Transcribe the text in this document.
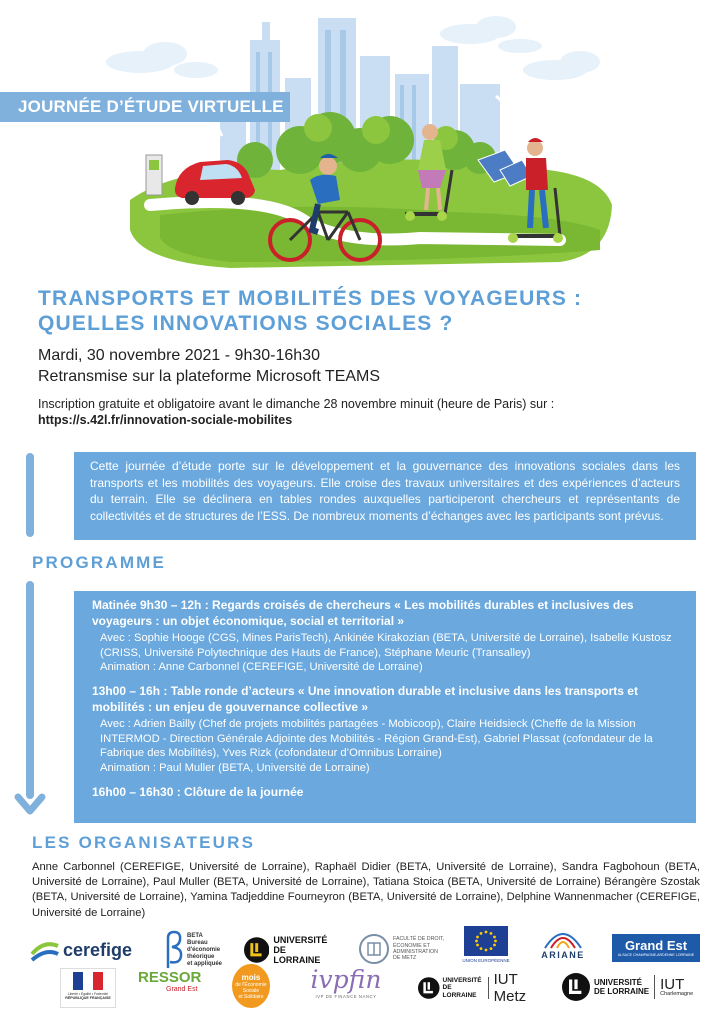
JOURNÉE D’ÉTUDE VIRTUELLE
TRANSPORTS ET MOBILITÉS DES VOYAGEURS :
QUELLES INNOVATIONS SOCIALES ?
Mardi, 30 novembre 2021 - 9h30-16h30
Retransmise sur la plateforme Microsoft TEAMS
Inscription gratuite et obligatoire avant le dimanche 28 novembre minuit (heure de Paris) sur :
https://s.42l.fr/innovation-sociale-mobilites
Cette journée d’étude porte sur le développement et la gouvernance des innovations sociales dans les transports et les mobilités des voyageurs. Elle croise des travaux universitaires et des expériences d’acteurs du terrain. Elle se déclinera en tables rondes auxquelles participeront chercheurs et représentants de collectivités et de structures de l’ESS. De nombreux moments d’échanges avec les participants sont prévus.
PROGRAMME
Matinée 9h30 – 12h : Regards croisés de chercheurs « Les mobilités durables et inclusives des voyageurs : un objet économique, social et territorial »
Avec : Sophie Hooge (CGS, Mines ParisTech), Ankinée Kirakozian (BETA, Université de Lorraine), Isabelle Kustosz (CRISS, Université Polytechnique des Hauts de France), Stéphane Meuric (Transalley)
Animation : Anne Carbonnel (CEREFIGE, Université de Lorraine)
13h00 – 16h : Table ronde d’acteurs « Une innovation durable et inclusive dans les transports et mobilités : un enjeu de gouvernance collective »
Avec : Adrien Bailly (Chef de projets mobilités partagées - Mobicoop), Claire Heidsieck (Cheffe de la Mission INTERMOD - Direction Générale Adjointe des Mobilités - Région Grand-Est), Gabriel Plassat (cofondateur de la Fabrique des Mobilités), Yves Rizk (cofondateur d’Omnibus Lorraine)
Animation : Paul Muller (BETA, Université de Lorraine)
16h00 – 16h30 : Clôture de la journée
LES ORGANISATEURS
Anne Carbonnel (CEREFIGE, Université de Lorraine), Raphaël Didier (BETA, Université de Lorraine), Sandra Fagbohoun (BETA, Université de Lorraine), Paul Muller (BETA, Université de Lorraine), Tatiana Stoica (BETA, Université de Lorraine) Bérangère Szostak (BETA, Université de Lorraine), Yamina Tadjeddine Fourneyron (BETA, Université de Lorraine), Delphine Wannenmacher (CEREFIGE, Université de Lorraine)
cerefige
BETA
Bureau
d'économie
théorique
et appliquée
UNIVERSITÉ
DE LORRAINE
FACULTÉ DE DROIT,
ÉCONOMIE ET
ADMINISTRATION
DE METZ	UNION EUROPÉENNE
ARIANE
Grand Est
ALSACE CHAMPAGNE-ARDENNE LORRAINE
Liberté • Égalité • Fraternité
RÉPUBLIQUE FRANÇAISE
RESSOR
Grand Est
mois
de l'Économie
Sociale
et Solidaire
ivpfin
IVP DE FINANCE NANCY
UNIVERSITÉ
DE LORRAINE
IUT Metz
UNIVERSITÉ
DE LORRAINE IUT
Charlemagne
